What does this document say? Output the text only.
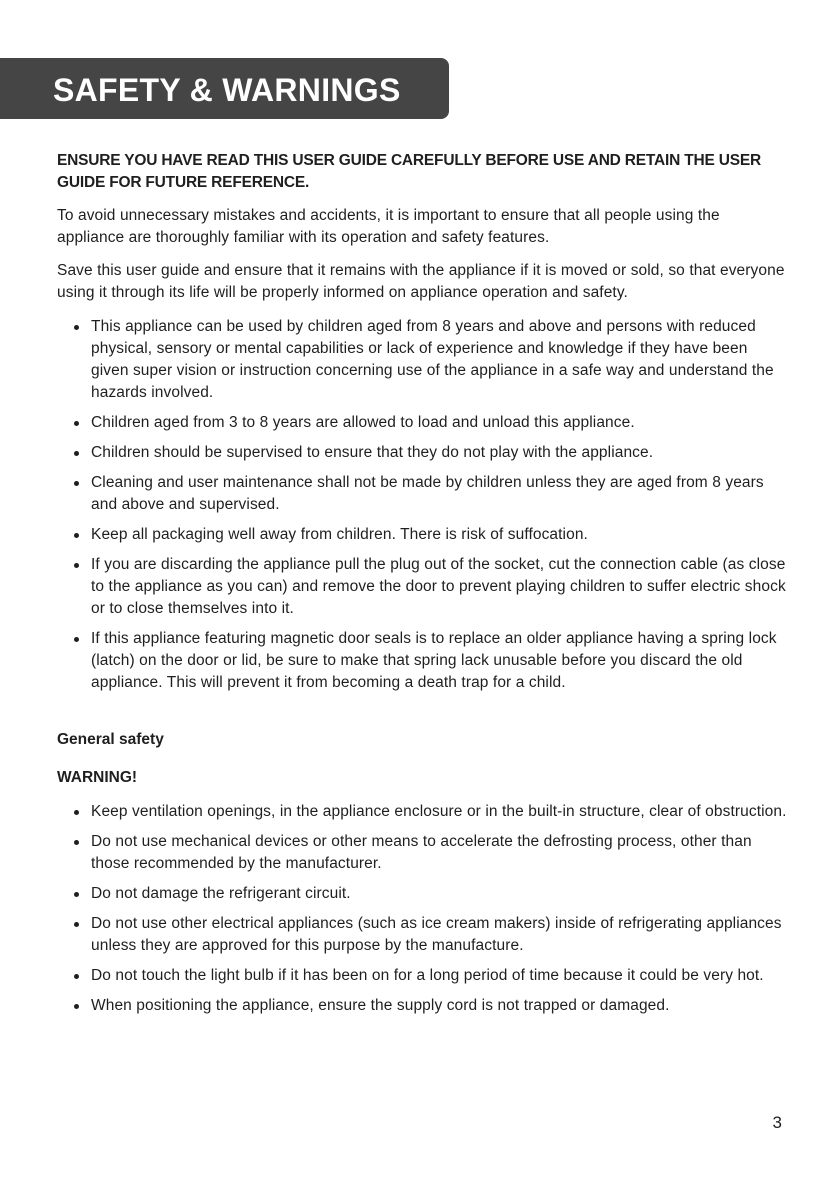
SAFETY & WARNINGS

ENSURE YOU HAVE READ THIS USER GUIDE CAREFULLY BEFORE USE AND RETAIN THE USER GUIDE FOR FUTURE REFERENCE.

To avoid unnecessary mistakes and accidents, it is important to ensure that all people using the appliance are thoroughly familiar with its operation and safety features.

Save this user guide and ensure that it remains with the appliance if it is moved or sold, so that everyone using it through its life will be properly informed on appliance operation and safety.

This appliance can be used by children aged from 8 years and above and persons with reduced physical, sensory or mental capabilities or lack of experience and knowledge if they have been given super vision or instruction concerning use of the appliance in a safe way and understand the hazards involved.
Children aged from 3 to 8 years are allowed to load and unload this appliance.
Children should be supervised to ensure that they do not play with the appliance.
Cleaning and user maintenance shall not be made by children unless they are aged from 8 years and above and supervised.
Keep all packaging well away from children. There is risk of suffocation.
If you are discarding the appliance pull the plug out of the socket, cut the connection cable (as close to the appliance as you can) and remove the door to prevent playing children to suffer electric shock or to close themselves into it.
If this appliance featuring magnetic door seals is to replace an older appliance having a spring lock (latch) on the door or lid, be sure to make that spring lack unusable before you discard the old appliance. This will prevent it from becoming a death trap for a child.
General safety
WARNING!
Keep ventilation openings, in the appliance enclosure or in the built-in structure, clear of obstruction.
Do not use mechanical devices or other means to accelerate the defrosting process, other than those recommended by the manufacturer.
Do not damage the refrigerant circuit.
Do not use other electrical appliances (such as ice cream makers) inside of refrigerating appliances unless they are approved for this purpose by the manufacture.
Do not touch the light bulb if it has been on for a long period of time because it could be very hot.
When positioning the appliance, ensure the supply cord is not trapped or damaged.
3
